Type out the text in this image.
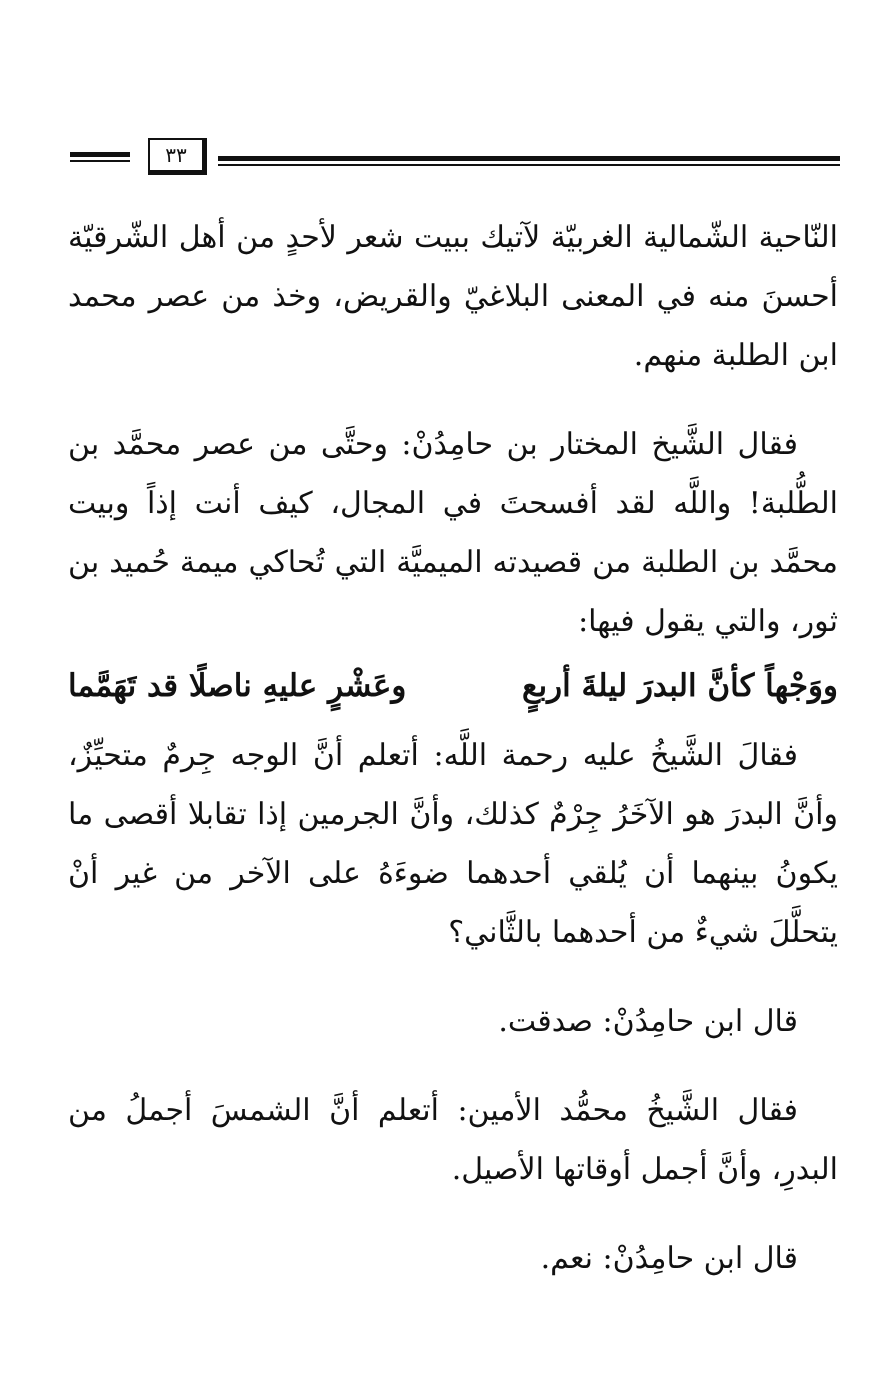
٣٣

النّاحية الشّمالية الغربيّة لآتيك ببيت شعر لأحدٍ من أهل الشّرقيّة أحسنَ منه في المعنى البلاغيّ والقريض، وخذ من عصر محمد ابن الطلبة منهم.

فقال الشَّيخ المختار بن حامِدُنْ: وحتَّى من عصر محمَّد بن الطُّلبة! واللَّه لقد أفسحتَ في المجال، كيف أنت إذاً وبيت محمَّد بن الطلبة من قصيدته الميميَّة التي تُحاكي ميمة حُميد بن ثور، والتي يقول فيها:

ووَجْهاً كأنَّ البدرَ ليلةَ أربعٍ
وعَشْرٍ عليهِ ناصلًا قد تَهَمَّما

فقالَ الشَّيخُ عليه رحمة اللَّه: أتعلم أنَّ الوجه جِرمٌ متحيِّزٌ، وأنَّ البدرَ هو الآخَرُ جِرْمٌ كذلك، وأنَّ الجرمين إذا تقابلا أقصى ما يكونُ بينهما أن يُلقي أحدهما ضوءَهُ على الآخر من غير أنْ يتحلَّلَ شيءٌ من أحدهما بالثَّاني؟

قال ابن حامِدُنْ: صدقت.

فقال الشَّيخُ محمُّد الأمين: أتعلم أنَّ الشمسَ أجملُ من البدرِ، وأنَّ أجمل أوقاتها الأصيل.

قال ابن حامِدُنْ: نعم.
